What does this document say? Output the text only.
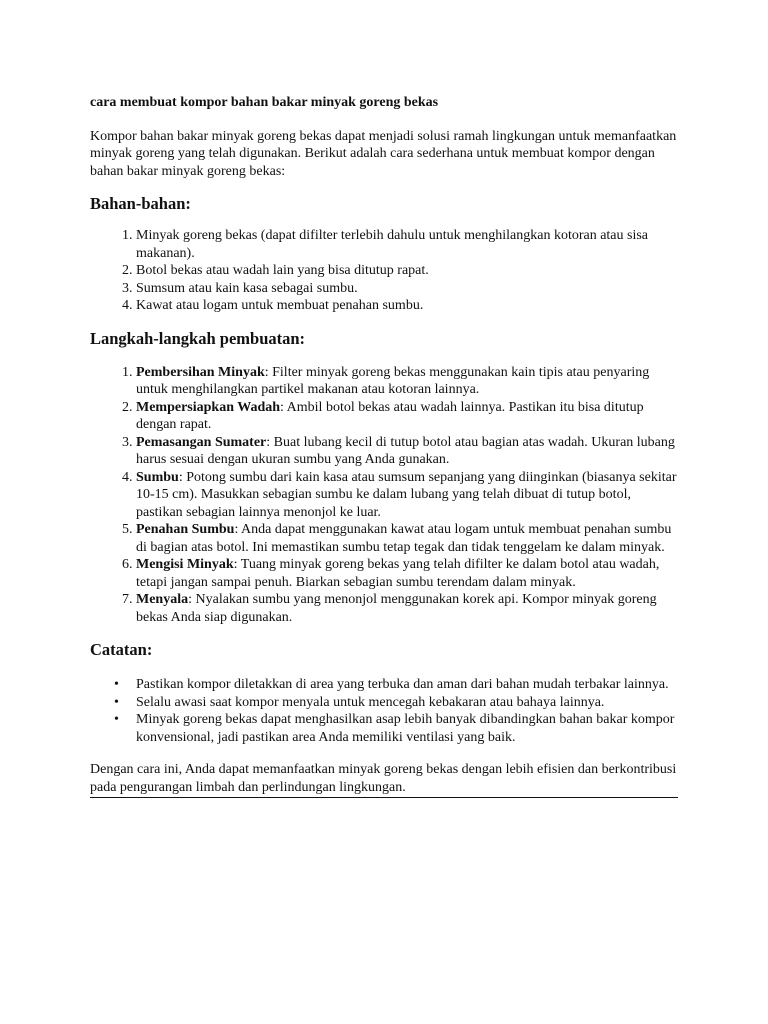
cara membuat kompor bahan bakar minyak goreng bekas

Kompor bahan bakar minyak goreng bekas dapat menjadi solusi ramah lingkungan untuk memanfaatkan minyak goreng yang telah digunakan. Berikut adalah cara sederhana untuk membuat kompor dengan bahan bakar minyak goreng bekas:

Bahan-bahan:
1. Minyak goreng bekas (dapat difilter terlebih dahulu untuk menghilangkan kotoran atau sisa makanan).
2. Botol bekas atau wadah lain yang bisa ditutup rapat.
3. Sumsum atau kain kasa sebagai sumbu.
4. Kawat atau logam untuk membuat penahan sumbu.
Langkah-langkah pembuatan:
1. Pembersihan Minyak: Filter minyak goreng bekas menggunakan kain tipis atau penyaring untuk menghilangkan partikel makanan atau kotoran lainnya.
2. Mempersiapkan Wadah: Ambil botol bekas atau wadah lainnya. Pastikan itu bisa ditutup dengan rapat.
3. Pemasangan Sumater: Buat lubang kecil di tutup botol atau bagian atas wadah. Ukuran lubang harus sesuai dengan ukuran sumbu yang Anda gunakan.
4. Sumbu: Potong sumbu dari kain kasa atau sumsum sepanjang yang diinginkan (biasanya sekitar 10-15 cm). Masukkan sebagian sumbu ke dalam lubang yang telah dibuat di tutup botol, pastikan sebagian lainnya menonjol ke luar.
5. Penahan Sumbu: Anda dapat menggunakan kawat atau logam untuk membuat penahan sumbu di bagian atas botol. Ini memastikan sumbu tetap tegak dan tidak tenggelam ke dalam minyak.
6. Mengisi Minyak: Tuang minyak goreng bekas yang telah difilter ke dalam botol atau wadah, tetapi jangan sampai penuh. Biarkan sebagian sumbu terendam dalam minyak.
7. Menyala: Nyalakan sumbu yang menonjol menggunakan korek api. Kompor minyak goreng bekas Anda siap digunakan.
Catatan:
• Pastikan kompor diletakkan di area yang terbuka dan aman dari bahan mudah terbakar lainnya.
• Selalu awasi saat kompor menyala untuk mencegah kebakaran atau bahaya lainnya.
• Minyak goreng bekas dapat menghasilkan asap lebih banyak dibandingkan bahan bakar kompor konvensional, jadi pastikan area Anda memiliki ventilasi yang baik.

Dengan cara ini, Anda dapat memanfaatkan minyak goreng bekas dengan lebih efisien dan berkontribusi pada pengurangan limbah dan perlindungan lingkungan.
